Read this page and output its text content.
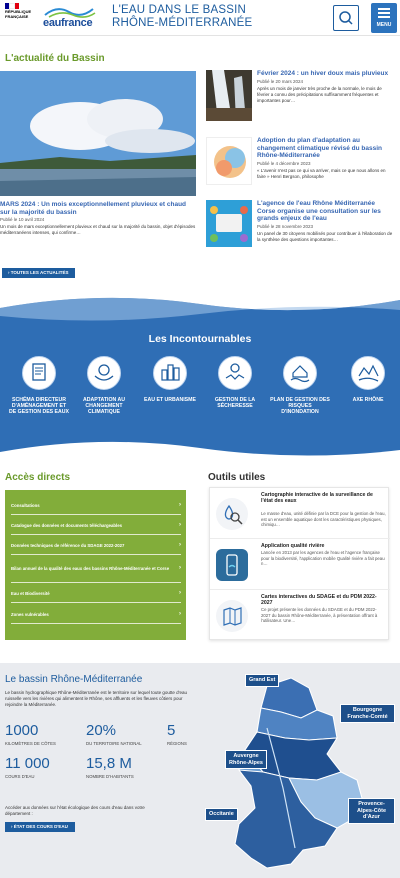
RÉPUBLIQUE FRANÇAISE
eaufrance
L'EAU DANS LE BASSIN
RHÔNE-MÉDITERRANÉE	MENU
L'actualité du Bassin
MARS 2024 : Un mois exceptionnellement pluvieux et chaud sur la majorité du bassin
Publié le 10 avril 2024
Un mois de mars exceptionnellement pluvieux et chaud sur la majorité du bassin, objet d'épisodes méditerranéens intenses, qui confirme…
› TOUTES LES ACTUALITÉS
Février 2024 : un hiver doux mais pluvieux
Publié le 20 mars 2024
Après un mois de janvier très proche de la normale, le mois de février a connu des précipitations suffisamment fréquentes et importantes pour…
Adoption du plan d'adaptation au changement climatique révisé du bassin Rhône-Méditerranée
Publié le 4 décembre 2023
« L'avenir n'est pas ce qui va arriver, mais ce que nous allons en faire » Henri Bergson, philosophe
L'agence de l'eau Rhône Méditerranée Corse organise une consultation sur les grands enjeux de l'eau
Publié le 28 novembre 2023
Un panel de 30 citoyens mobilisés pour contribuer à l'élaboration de la synthèse des questions importantes…
Les Incontournables
SCHÉMA DIRECTEUR D'AMÉNAGEMENT ET DE GESTION DES EAUX
ADAPTATION AU CHANGEMENT CLIMATIQUE
EAU ET URBANISME	GESTION DE LA SÉCHERESSE
PLAN DE GESTION DES RISQUES D'INONDATION
AXE RHÔNE
Accès directs
Consultations	›
Catalogue des données et documents téléchargeables	›
Données techniques de référence du SDAGE 2022-2027	›
Bilan annuel de la qualité des eaux des bassins Rhône-Méditerranée et Corse	›
Eau et Biodiversité	›
Zones vulnérables	›
Outils utiles
Cartographie interactive de la surveillance de l'état des eaux
Le masse d'eau, unité définie par la DCE pour la gestion de l'eau, est un ensemble aquatique dont les caractéristiques physiques, chimiqu…
Application qualité rivière
Lancée en 2013 par les agences de l'eau et l'agence française pour la biodiversité, l'application mobile Qualité rivière a fait peau n…
Cartes interactives du SDAGE et du PDM 2022-2027
Ce projet présente les données du SDAGE et du PDM 2022-2027 du bassin Rhône-Méditerranée, à présentation offrant à l'utilisateur. Une…
Le bassin Rhône-Méditerranée
Le bassin hydrographique Rhône-Méditerranée est le territoire sur lequel toute goutte d'eau ruisselle vers les rivières qui alimentent le Rhône, ses affluents et les fleuves côtiers pour rejoindre la Méditerranée.
1000
KILOMÈTRES DE CÔTES
20%
DU TERRITOIRE NATIONAL
5
RÉGIONS
11 000
COURS D'EAU
15,8 M
NOMBRE D'HABITANTS
Accéder aux données sur l'état écologique des cours d'eau dans votre département :
› ÉTAT DES COURS D'EAU
Grand Est
Bourgogne Franche-Comté
Auvergne Rhône-Alpes
Provence-Alpes-Côte d'Azur
Occitanie
